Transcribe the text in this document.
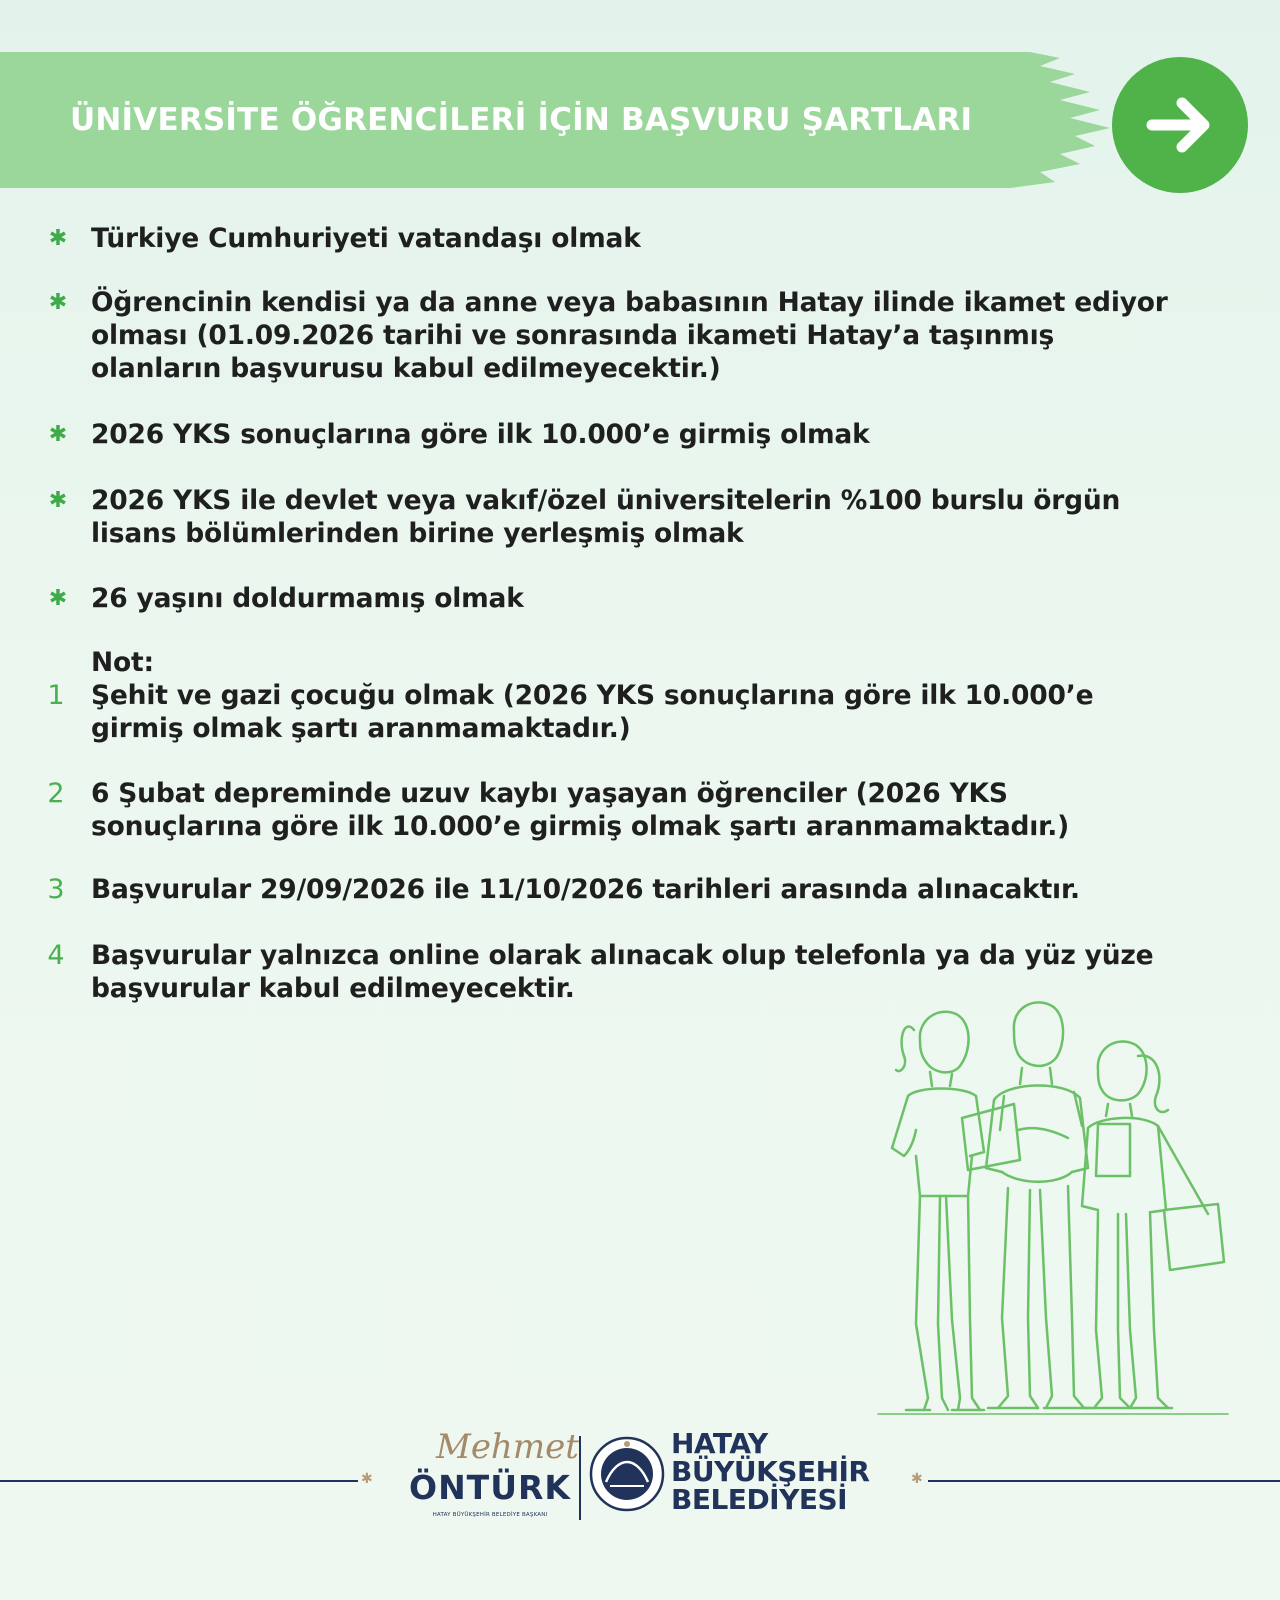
ÜNİVERSİTE ÖĞRENCİLERİ İÇİN BAŞVURU ŞARTLARI
✱ Türkiye Cumhuriyeti vatandaşı olmak
✱ Öğrencinin kendisi ya da anne veya babasının Hatay ilinde ikamet ediyor olması (01.09.2026 tarihi ve sonrasında ikameti Hatay’a taşınmış olanların başvurusu kabul edilmeyecektir.)
✱ 2026 YKS sonuçlarına göre ilk 10.000’e girmiş olmak
✱ 2026 YKS ile devlet veya vakıf/özel üniversitelerin %100 burslu örgün lisans bölümlerinden birine yerleşmiş olmak
✱ 26 yaşını doldurmamış olmak
Not:
1 Şehit ve gazi çocuğu olmak (2026 YKS sonuçlarına göre ilk 10.000’e girmiş olmak şartı aranmamaktadır.)
2 6 Şubat depreminde uzuv kaybı yaşayan öğrenciler (2026 YKS sonuçlarına göre ilk 10.000’e girmiş olmak şartı aranmamaktadır.)
3 Başvurular 29/09/2026 ile 11/10/2026 tarihleri arasında alınacaktır.
4 Başvurular yalnızca online olarak alınacak olup telefonla ya da yüz yüze başvurular kabul edilmeyecektir.
✱	✱
Mehmet
ÖNTÜRK
HATAY BÜYÜKŞEHİR BELEDİYE BAŞKANI
HATAY
BÜYÜKŞEHİR
BELEDİYESİ
